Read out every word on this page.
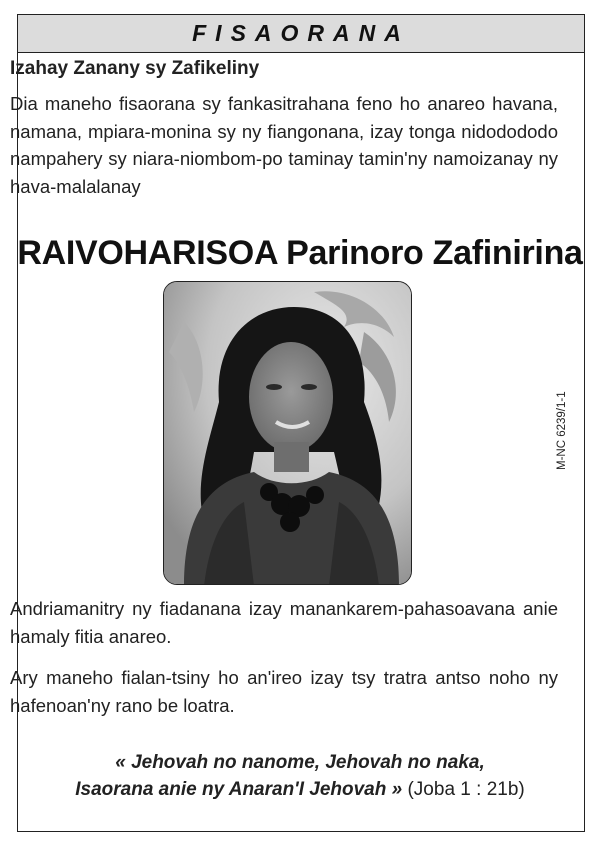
FISAORANA
Izahay Zanany sy Zafikeliny
Dia maneho fisaorana sy fankasitrahana feno ho anareo havana, namana, mpiara-monina sy ny fiangonana, izay tonga nidodododo nampahery sy niara-niombom-po taminay tamin'ny namoizanay ny hava-malalanay
RAIVOHARISOA Parinoro Zafinirina
M-NC 6239/1-1
Andriamanitry ny fiadanana izay manankarem-pahasoavana anie hamaly fitia anareo.
Ary maneho fialan-tsiny ho an'ireo izay tsy tratra antso noho ny hafenoan'ny rano be loatra.
« Jehovah no nanome, Jehovah no naka,
Isaorana anie ny Anaran'I Jehovah » (Joba 1 : 21b)
